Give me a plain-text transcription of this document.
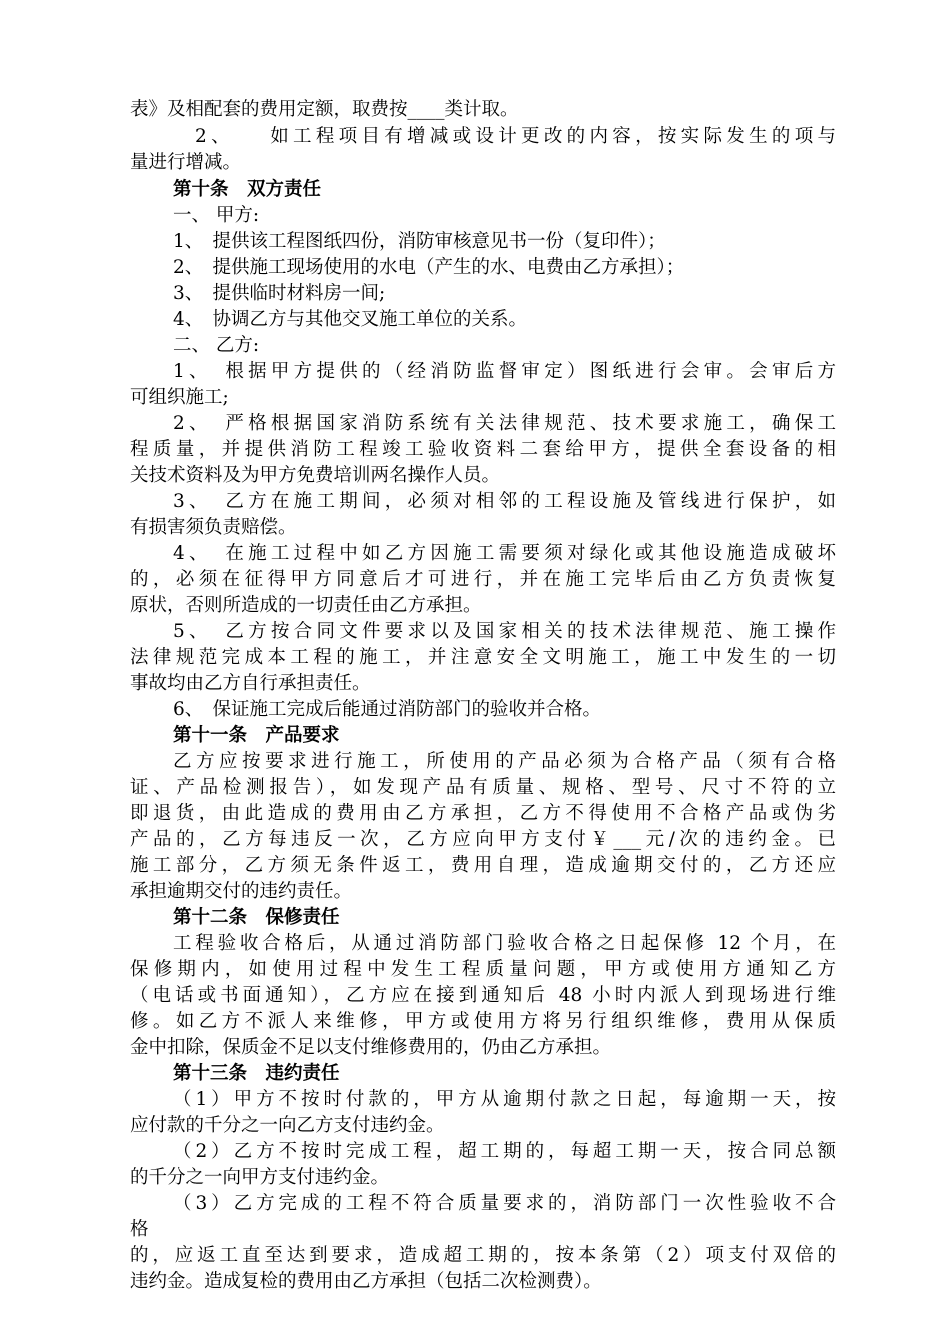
表》及相配套的费用定额，取费按____类计取。
2、　　如工程项目有增减或设计更改的内容，按实际发生的项与
量进行增减。
第十条　双方责任
一、 甲方:
1、　提供该工程图纸四份，消防审核意见书一份（复印件）；
2、　提供施工现场使用的水电（产生的水、电费由乙方承担）；
3、　提供临时材料房一间;
4、　协调乙方与其他交叉施工单位的关系。
二、 乙方:
1、　根据甲方提供的（经消防监督审定）图纸进行会审。会审后方
可组织施工;
2、　严格根据国家消防系统有关法律规范、技术要求施工，确保工
程质量，并提供消防工程竣工验收资料二套给甲方，提供全套设备的相
关技术资料及为甲方免费培训两名操作人员。
3、　乙方在施工期间，必须对相邻的工程设施及管线进行保护，如
有损害须负责赔偿。
4、　在施工过程中如乙方因施工需要须对绿化或其他设施造成破坏
的，必须在征得甲方同意后才可进行，并在施工完毕后由乙方负责恢复
原状，否则所造成的一切责任由乙方承担。
5、　乙方按合同文件要求以及国家相关的技术法律规范、施工操作
法律规范完成本工程的施工，并注意安全文明施工，施工中发生的一切
事故均由乙方自行承担责任。
6、　保证施工完成后能通过消防部门的验收并合格。
第十一条　产品要求
乙方应按要求进行施工，所使用的产品必须为合格产品（须有合格
证、产品检测报告），如发现产品有质量、规格、型号、尺寸不符的立
即退货，由此造成的费用由乙方承担，乙方不得使用不合格产品或伪劣
产品的，乙方每违反一次，乙方应向甲方支付￥___元/次的违约金。已
施工部分，乙方须无条件返工，费用自理，造成逾期交付的，乙方还应
承担逾期交付的违约责任。
第十二条　保修责任
工程验收合格后，从通过消防部门验收合格之日起保修 12 个月，在
保修期内，如使用过程中发生工程质量问题，甲方或使用方通知乙方
（电话或书面通知），乙方应在接到通知后 48 小时内派人到现场进行维
修。如乙方不派人来维修，甲方或使用方将另行组织维修，费用从保质
金中扣除，保质金不足以支付维修费用的，仍由乙方承担。
第十三条　违约责任
（1）甲方不按时付款的，甲方从逾期付款之日起，每逾期一天，按
应付款的千分之一向乙方支付违约金。
（2）乙方不按时完成工程，超工期的，每超工期一天，按合同总额
的千分之一向甲方支付违约金。
（3）乙方完成的工程不符合质量要求的，消防部门一次性验收不合
格
的，应返工直至达到要求，造成超工期的，按本条第（2）项支付双倍的
违约金。造成复检的费用由乙方承担（包括二次检测费）。
